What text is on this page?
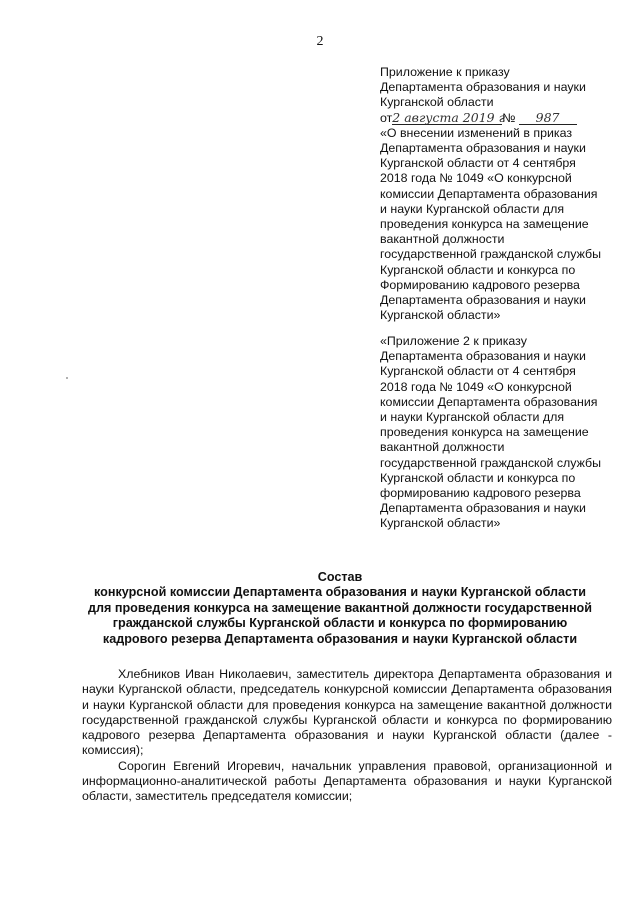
2

Приложение к приказу

Департамента образования и науки

Курганской области

от2 августа 2019 г№ 987

«О внесении изменений в приказ

Департамента образования и науки

Курганской области от 4 сентября

2018 года № 1049 «О конкурсной

комиссии Департамента образования

и науки Курганской области для

проведения конкурса на замещение

вакантной должности

государственной гражданской службы

Курганской области и конкурса по

Формированию кадрового резерва

Департамента образования и науки

Курганской области»

«Приложение 2 к приказу

Департамента образования и науки

Курганской области от 4 сентября

2018 года № 1049 «О конкурсной

комиссии Департамента образования

и науки Курганской области для

проведения конкурса на замещение

вакантной должности

государственной гражданской службы

Курганской области и конкурса по

формированию кадрового резерва

Департамента образования и науки

Курганской области»

Состав

конкурсной комиссии Департамента образования и науки Курганской области

для проведения конкурса на замещение вакантной должности государственной

гражданской службы Курганской области и конкурса по формированию

кадрового резерва Департамента образования и науки Курганской области

Хлебников Иван Николаевич, заместитель директора Департамента образования и науки Курганской области, председатель конкурсной комиссии Департамента образования и науки Курганской области для проведения конкурса на замещение вакантной должности государственной гражданской службы Курганской области и конкурса по формированию кадрового резерва Департамента образования и науки Курганской области (далее - комиссия);

Сорогин Евгений Игоревич, начальник управления правовой, организационной и информационно-аналитической работы Департамента образования и науки Курганской области, заместитель председателя комиссии;
